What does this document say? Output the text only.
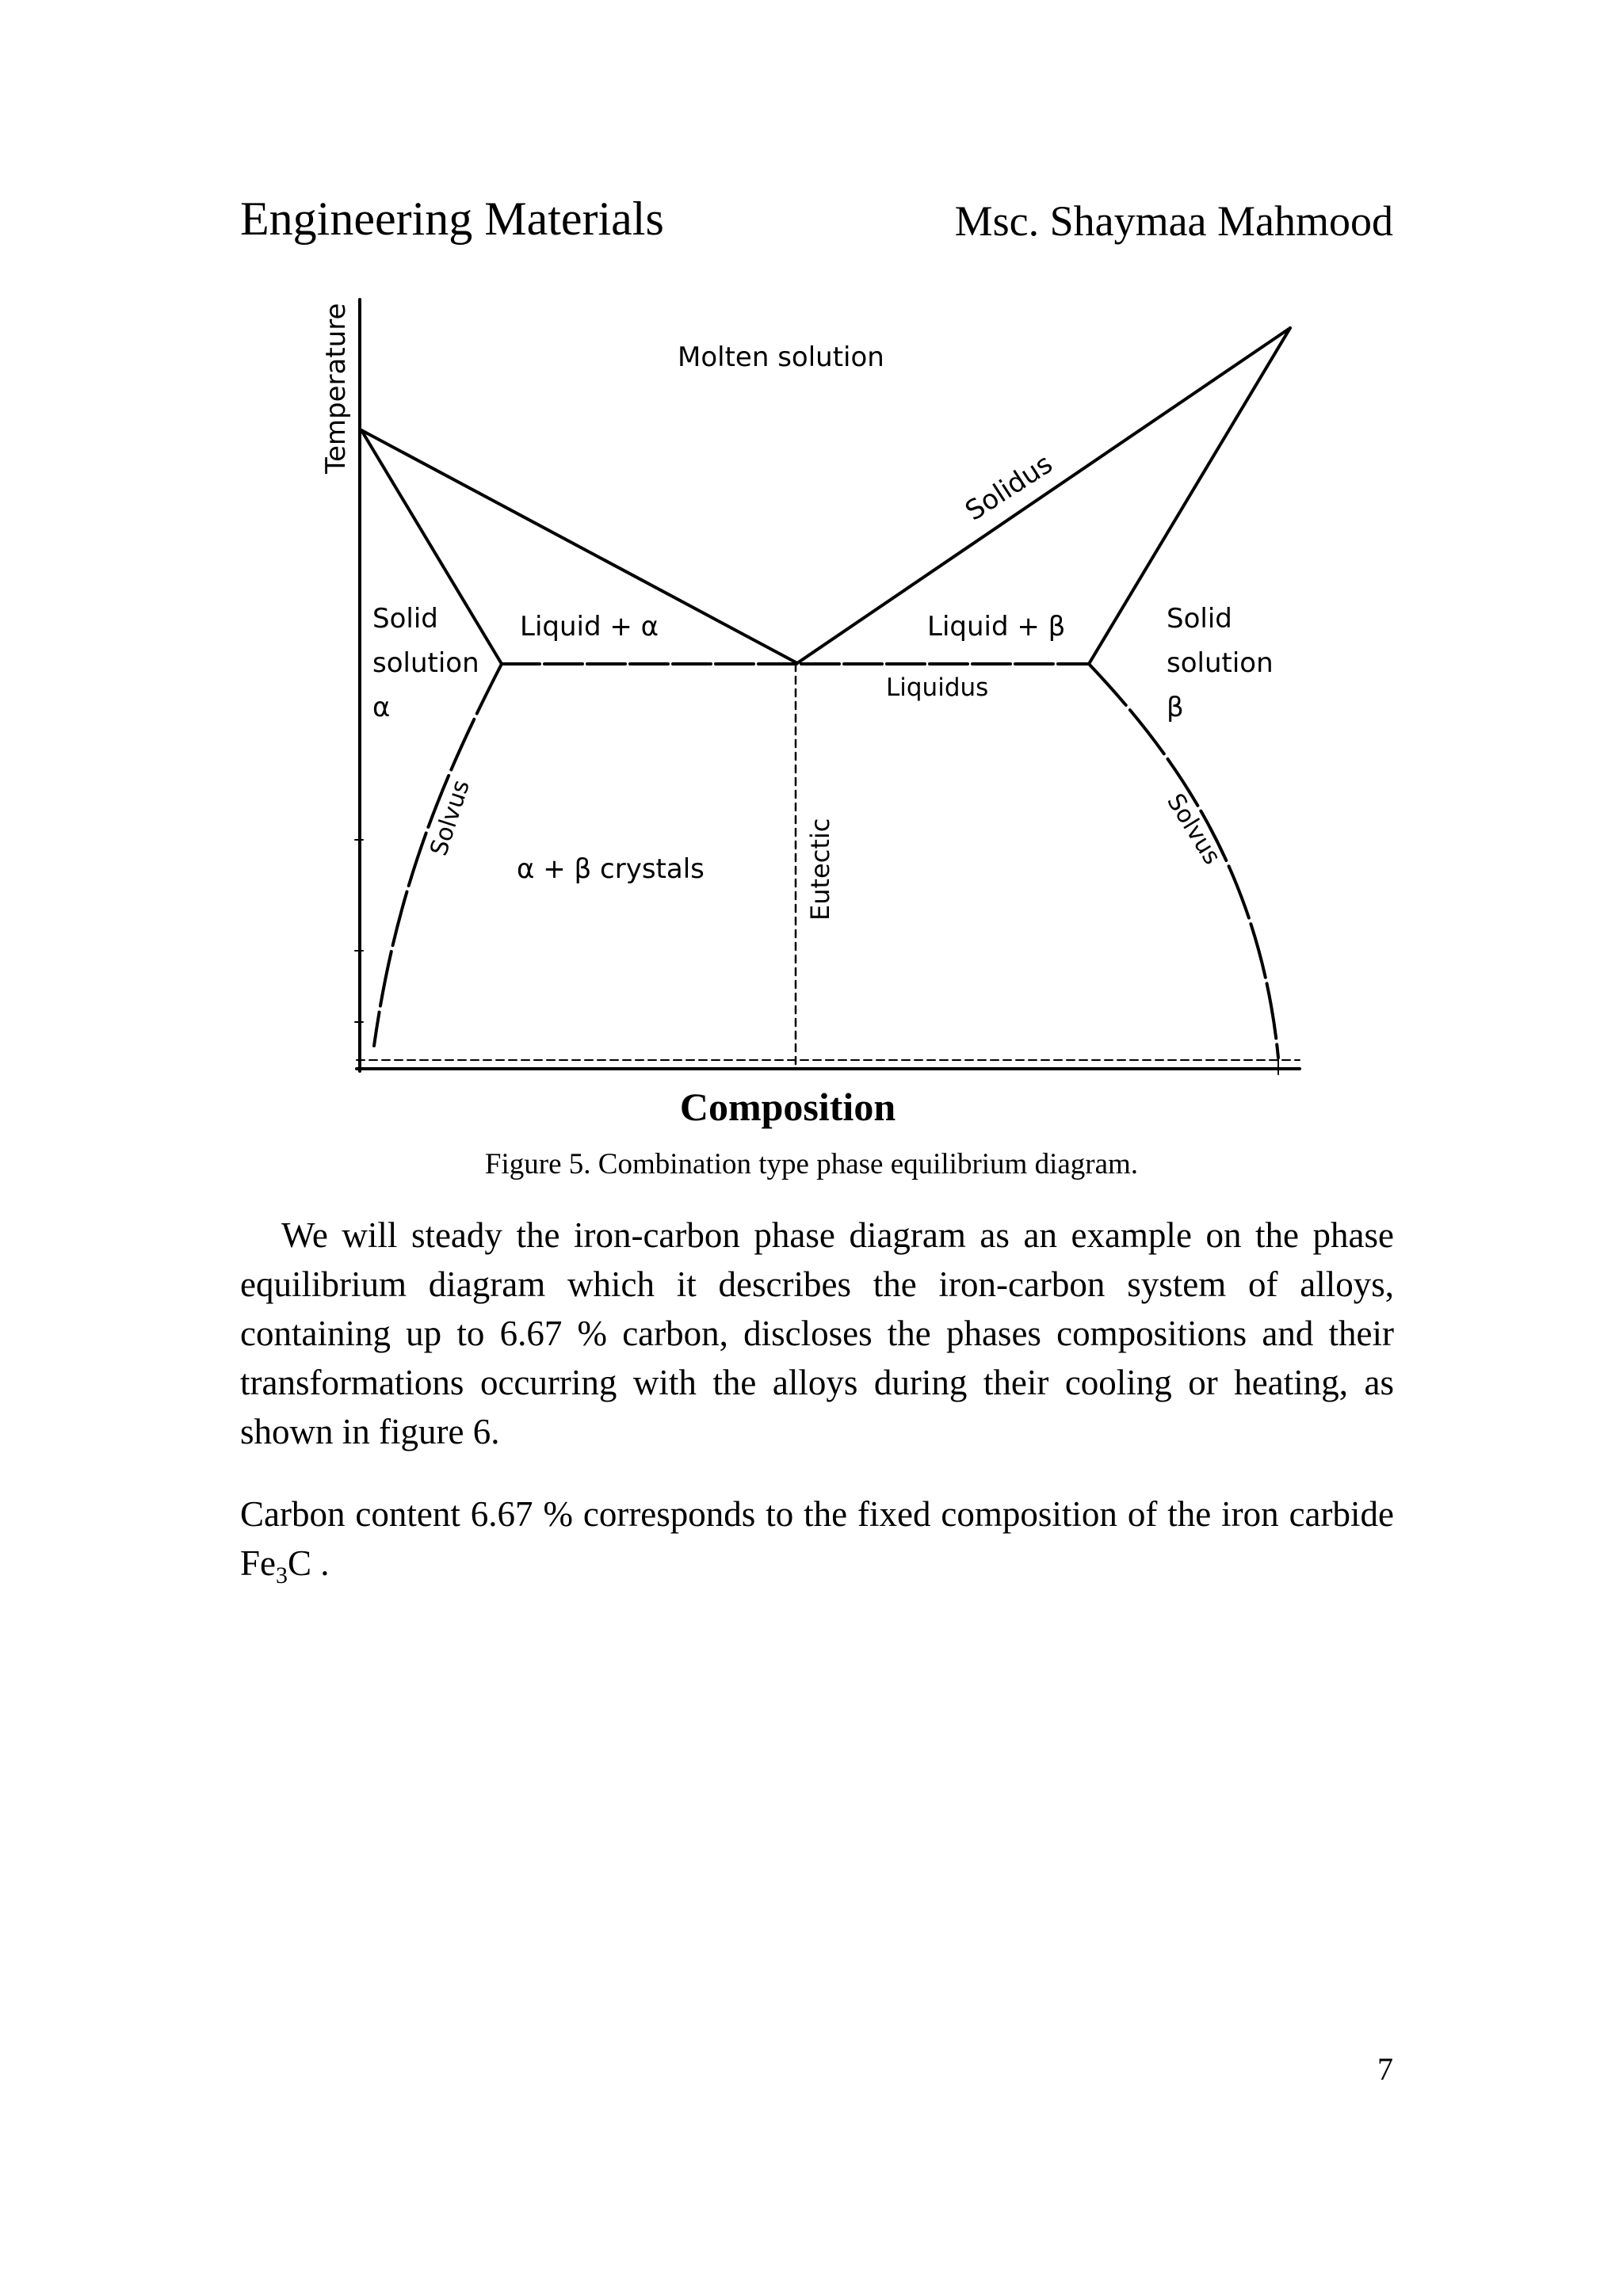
Engineering Materials	Msc. Shaymaa Mahmood
Temperature	Molten solution
Solidus
Liquid + α	Liquid + β
Liquidus
Solid
solution
α
Solid
solution
β
Solvus	Solvus
α + β crystals	Eutectic
Composition
Figure 5. Combination type phase equilibrium diagram.
We will steady the iron-carbon phase diagram as an example on the phase equilibrium diagram which it describes the iron-carbon system of alloys, containing up to 6.67 % carbon, discloses the phases compositions and their transformations occurring with the alloys during their cooling or heating, as shown in figure 6.
Carbon content 6.67 % corresponds to the fixed composition of the iron carbide $Fe_3C$ .
7
